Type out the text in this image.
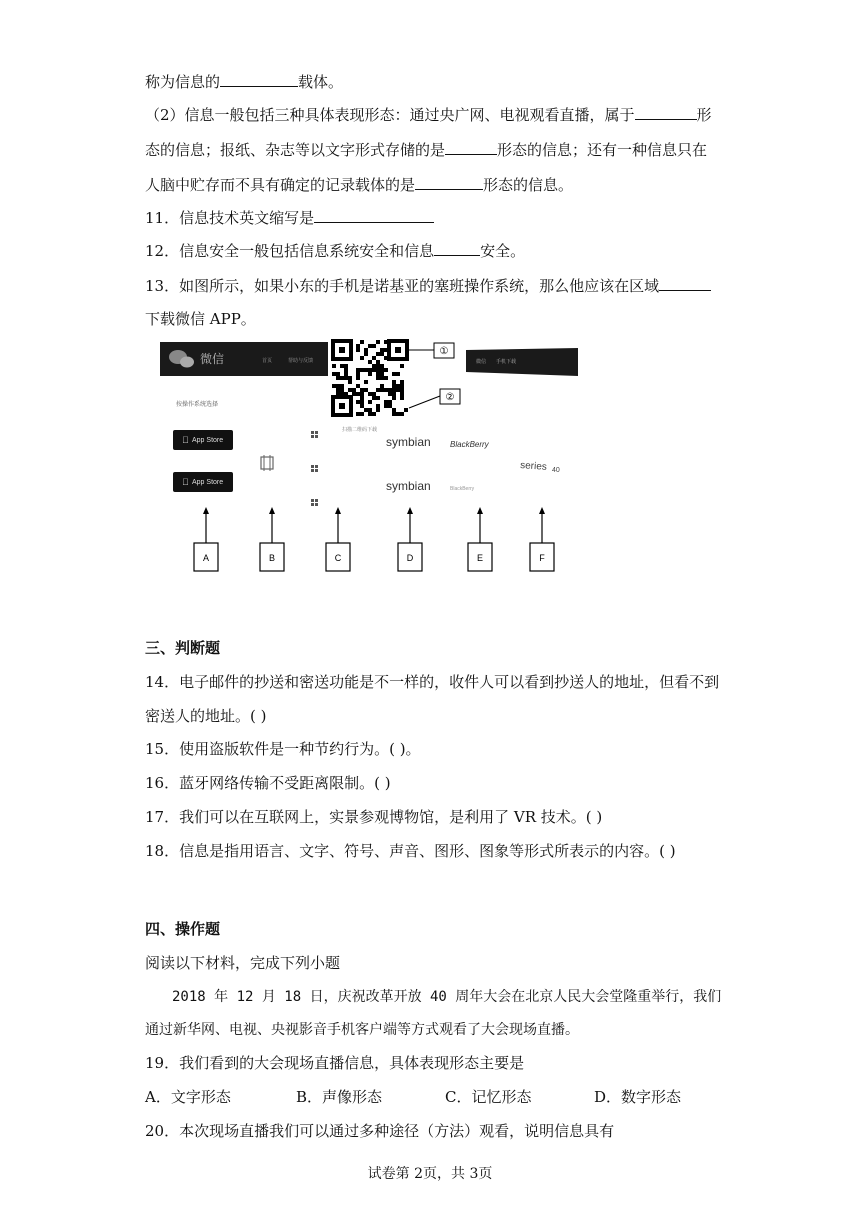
称为信息的	载体。
（2）信息一般包括三种具体表现形态：通过央广网、电视观看直播，属于	形
态的信息；报纸、杂志等以文字形式存储的是	形态的信息；还有一种信息只在
人脑中贮存而不具有确定的记录载体的是	形态的信息。
11．信息技术英文缩写是
12．信息安全一般包括信息系统安全和信息	安全。
13．如图所示，如果小东的手机是诺基亚的塞班操作系统，那么他应该在区域
下载微信 APP。
微信	首页	帮助与反馈	微信 手机下载
扫描二维码下载
①
②
按操作系统选择
App Store
App Store
symbian
symbian
BlackBerry
BlackBerry
series 40
A	B	C	D	E	F
三、判断题
14．电子邮件的抄送和密送功能是不一样的，收件人可以看到抄送人的地址，但看不到
密送人的地址。( )
15．使用盗版软件是一种节约行为。( )。
16．蓝牙网络传输不受距离限制。( )
17．我们可以在互联网上，实景参观博物馆，是利用了 VR 技术。( )
18．信息是指用语言、文字、符号、声音、图形、图象等形式所表示的内容。( )
四、操作题
阅读以下材料，完成下列小题
2018 年 12 月 18 日，庆祝改革开放 40 周年大会在北京人民大会堂隆重举行，我们
通过新华网、电视、央视影音手机客户端等方式观看了大会现场直播。
19．我们看到的大会现场直播信息，具体表现形态主要是
A．文字形态	B．声像形态	C．记忆形态	D．数字形态
20．本次现场直播我们可以通过多种途径（方法）观看，说明信息具有
试卷第 2页，共 3页
